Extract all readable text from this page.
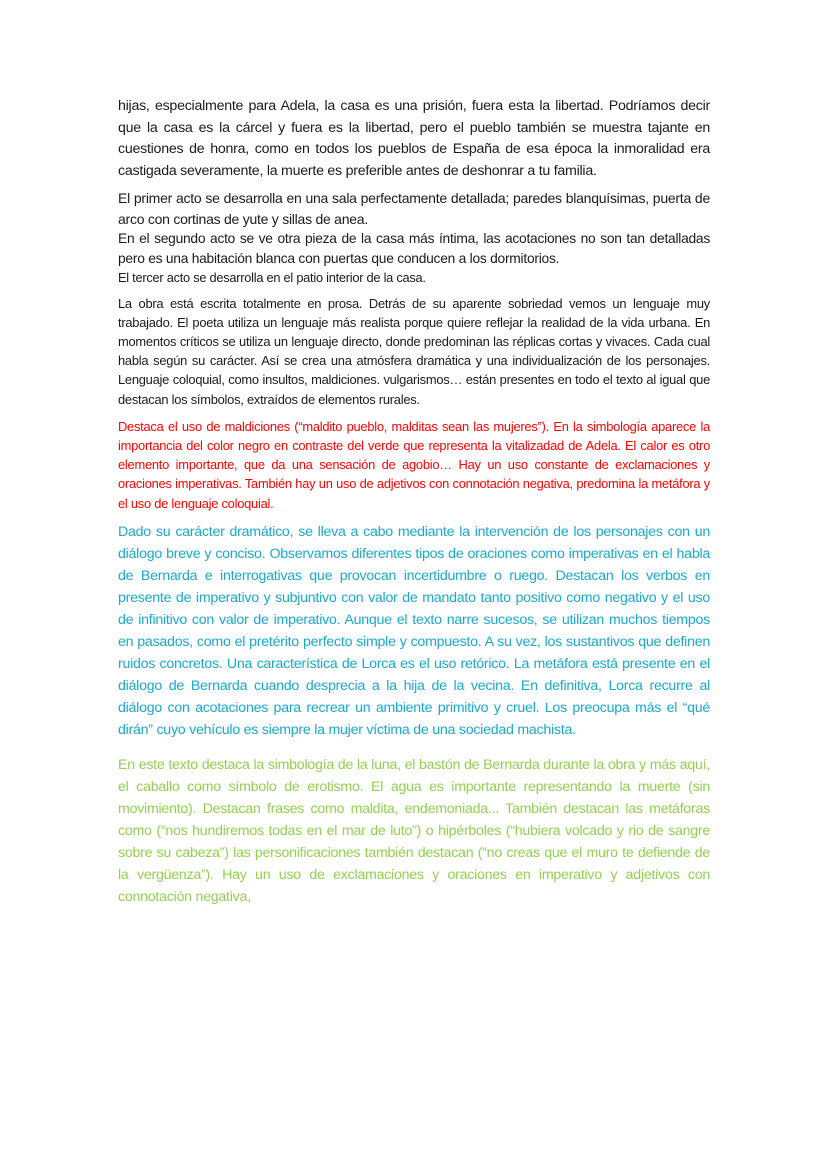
hijas, especialmente para Adela, la casa es una prisión, fuera esta la libertad. Podríamos decir que la casa es la cárcel y fuera es la libertad, pero el pueblo también se muestra tajante en cuestiones de honra, como en todos los pueblos de España de esa época la inmoralidad era castigada severamente, la muerte es preferible antes de deshonrar a tu familia.

El primer acto se desarrolla en una sala perfectamente detallada; paredes blanquísimas, puerta de arco con cortinas de yute y sillas de anea.

En el segundo acto se ve otra pieza de la casa más íntima, las acotaciones no son tan detalladas pero es una habitación blanca con puertas que conducen a los dormitorios.

El tercer acto se desarrolla en el patio interior de la casa.

La obra está escrita totalmente en prosa. Detrás de su aparente sobriedad vemos un lenguaje muy trabajado. El poeta utiliza un lenguaje más realista porque quiere reflejar la realidad de la vida urbana. En momentos críticos se utiliza un lenguaje directo, donde predominan las réplicas cortas y vivaces. Cada cual habla según su carácter. Así se crea una atmósfera dramática y una individualización de los personajes. Lenguaje coloquial, como insultos, maldiciones. vulgarismos… están presentes en todo el texto al igual que destacan los símbolos, extraídos de elementos rurales.

Destaca el uso de maldiciones (“maldito pueblo, malditas sean las mujeres”). En la simbología aparece la importancia del color negro en contraste del verde que representa la vitalizadad de Adela. El calor es otro elemento importante, que da una sensación de agobio… Hay un uso constante de exclamaciones y oraciones imperativas. También hay un uso de adjetivos con connotación negativa, predomina la metáfora y el uso de lenguaje coloquial.

Dado su carácter dramático, se lleva a cabo mediante la intervención de los personajes con un diálogo breve y conciso. Observamos diferentes tipos de oraciones como imperativas en el habla de Bernarda e interrogativas que provocan incertidumbre o ruego. Destacan los verbos en presente de imperativo y subjuntivo con valor de mandato tanto positivo como negativo y el uso de infinitivo con valor de imperativo. Aunque el texto narre sucesos, se utilizan muchos tiempos en pasados, como el pretérito perfecto simple y compuesto. A su vez, los sustantivos que definen ruidos concretos. Una característica de Lorca es el uso retórico. La metáfora está presente en el diálogo de Bernarda cuando desprecia a la hija de la vecina. En definitiva, Lorca recurre al diálogo con acotaciones para recrear un ambiente primitivo y cruel. Los preocupa más el “qué dirán” cuyo vehículo es siempre la mujer víctima de una sociedad machista.

En este texto destaca la simbología de la luna, el bastón de Bernarda durante la obra y más aquí, el caballo como símbolo de erotismo. El agua es importante representando la muerte (sin movimiento). Destacan frases como maldita, endemoniada... También destacan las metáforas como (“nos hundiremos todas en el mar de luto”) o hipérboles (“hubiera volcado y rio de sangre sobre su cabeza”) las personificaciones también destacan (“no creas que el muro te defiende de la vergüenza”). Hay un uso de exclamaciones y oraciones en imperativo y adjetivos con connotación negativa,
